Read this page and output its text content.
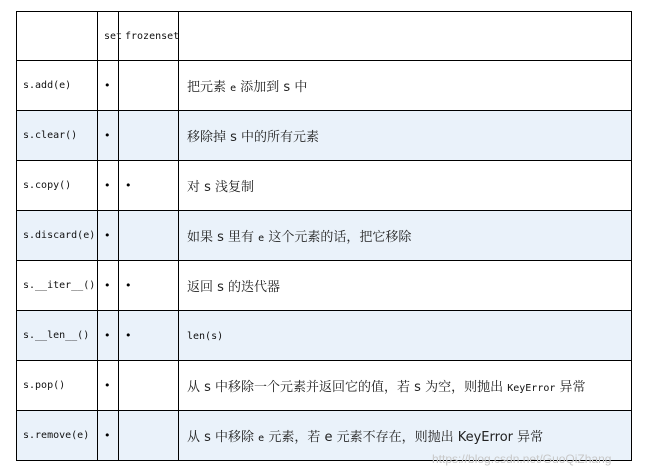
	set	frozenset	
s.add(e)	•		把元素 e 添加到 s 中
s.clear()	•		移除掉 s 中的所有元素
s.copy()	•	•	对 s 浅复制
s.discard(e)	•		如果 s 里有 e 这个元素的话，把它移除
s.__iter__()	•	•	返回 s 的迭代器
s.__len__()	•	•	len(s)
s.pop()	•		从 s 中移除一个元素并返回它的值，若 s 为空，则抛出 KeyError 异常
s.remove(e)	•		从 s 中移除 e 元素，若 e 元素不存在，则抛出 KeyError 异常
https://blog.csdn.net/GuoQiZhang
